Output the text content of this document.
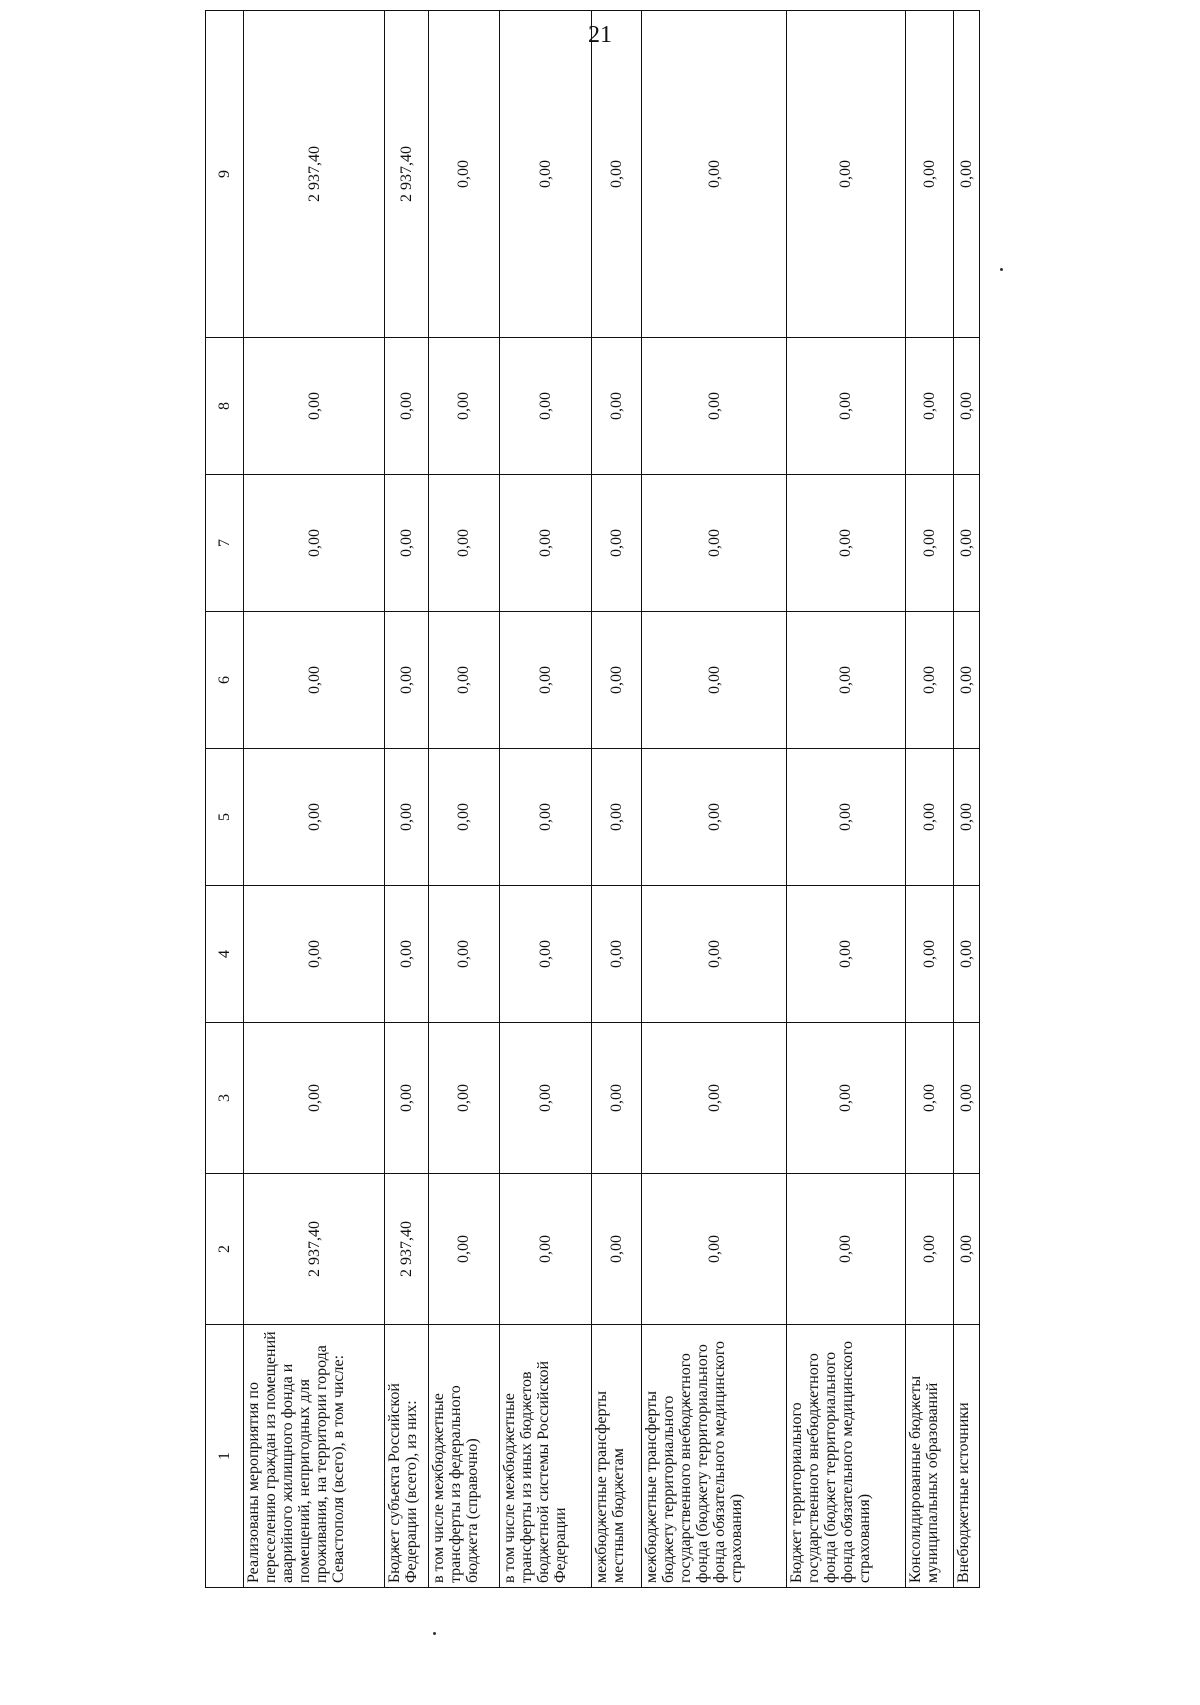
21
1	2	3	4	5	6	7	8	9
Реализованы мероприятия по переселению граждан из помещений аварийного жилищного фонда и помещений, непригодных для проживания, на территории города Севастополя (всего), в том числе:	2 937,40	0,00	0,00	0,00	0,00	0,00	0,00	2 937,40
Бюджет субъекта Российской Федерации (всего), из них:	2 937,40	0,00	0,00	0,00	0,00	0,00	0,00	2 937,40
в том числе межбюджетные трансферты из федерального бюджета (справочно)	0,00	0,00	0,00	0,00	0,00	0,00	0,00	0,00
в том числе межбюджетные трансферты из иных бюджетов бюджетной системы Российской Федерации	0,00	0,00	0,00	0,00	0,00	0,00	0,00	0,00
межбюджетные трансферты местным бюджетам	0,00	0,00	0,00	0,00	0,00	0,00	0,00	0,00
межбюджетные трансферты бюджету территориального государственного внебюджетного фонда (бюджету территориального фонда обязательного медицинского страхования)	0,00	0,00	0,00	0,00	0,00	0,00	0,00	0,00
Бюджет территориального государственного внебюджетного фонда (бюджет территориального фонда обязательного медицинского страхования)	0,00	0,00	0,00	0,00	0,00	0,00	0,00	0,00
Консолидированные бюджеты муниципальных образований	0,00	0,00	0,00	0,00	0,00	0,00	0,00	0,00
Внебюджетные источники	0,00	0,00	0,00	0,00	0,00	0,00	0,00	0,00
